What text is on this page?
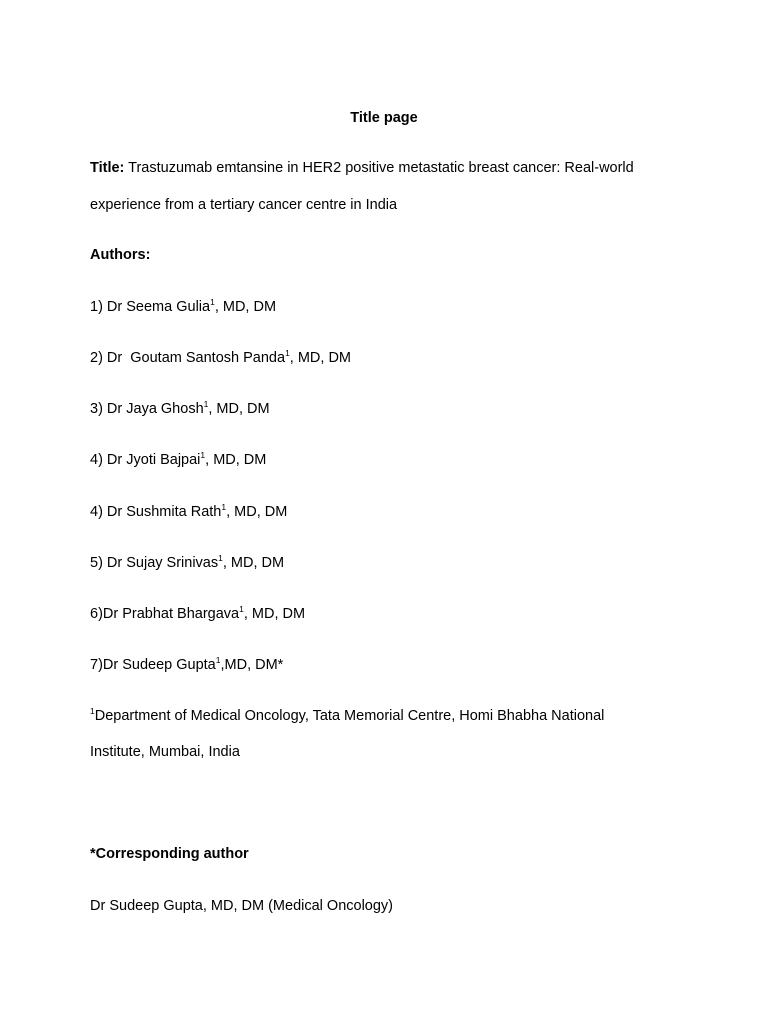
Title page

Title: Trastuzumab emtansine in HER2 positive metastatic breast cancer: Real-world

experience from a tertiary cancer centre in India

Authors:

1) Dr Seema Gulia$^1$, MD, DM

2) Dr  Goutam Santosh Panda$^1$, MD, DM

3) Dr Jaya Ghosh$^1$, MD, DM

4) Dr Jyoti Bajpai$^1$, MD, DM

4) Dr Sushmita Rath$^1$, MD, DM

5) Dr Sujay Srinivas$^1$, MD, DM

6)Dr Prabhat Bhargava$^1$, MD, DM

7)Dr Sudeep Gupta$^1$,MD, DM*

$^1$Department of Medical Oncology, Tata Memorial Centre, Homi Bhabha National

Institute, Mumbai, India

*Corresponding author

Dr Sudeep Gupta, MD, DM (Medical Oncology)
